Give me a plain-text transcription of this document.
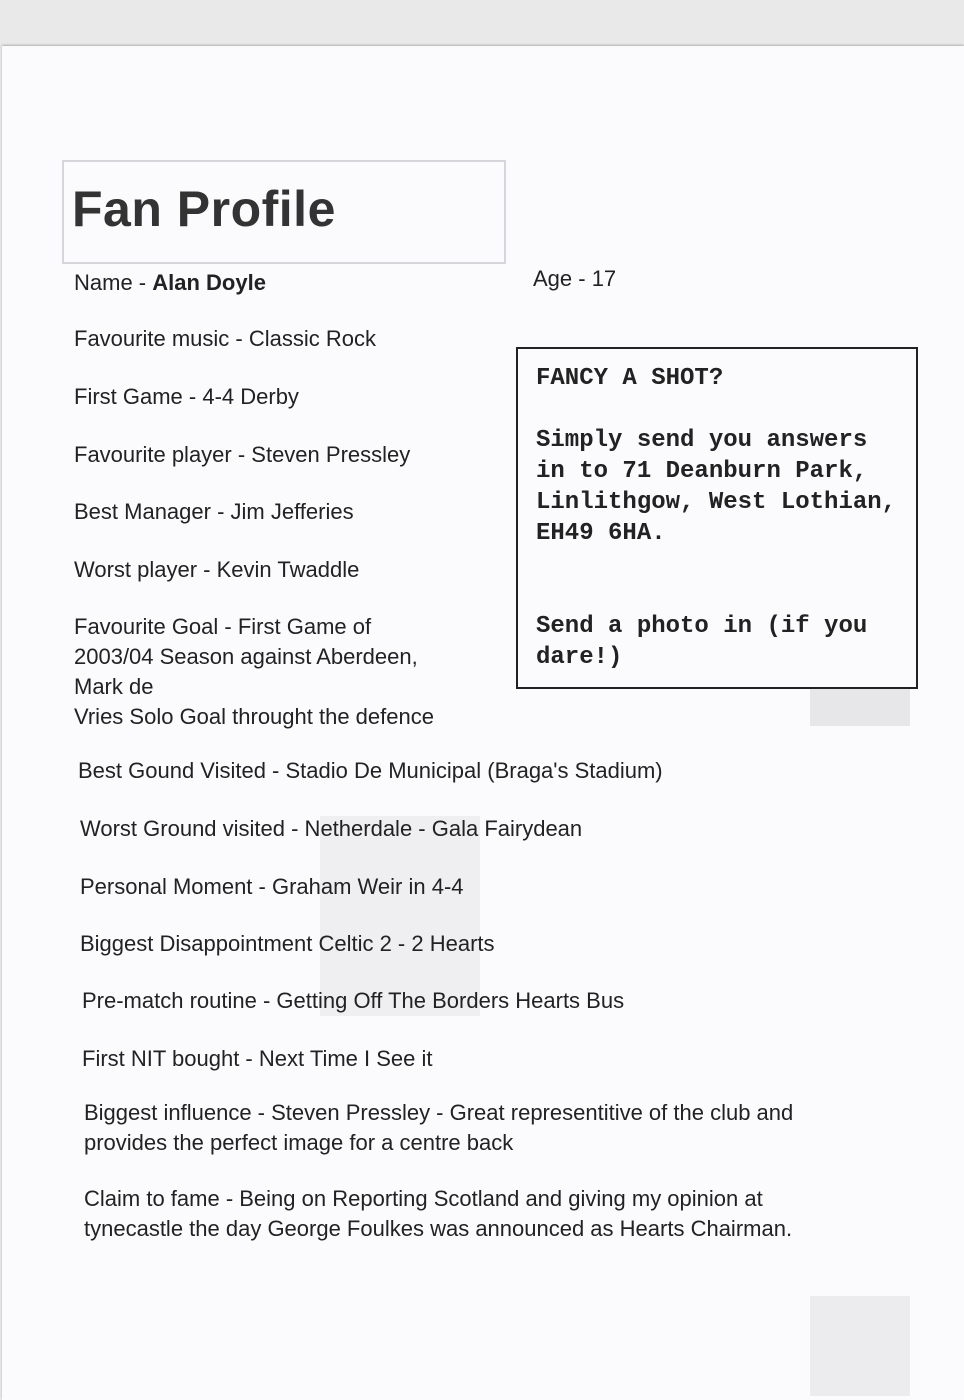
Fan Profile

Name - Alan Doyle	Age - 17

Favourite music - Classic Rock

First Game - 4-4 Derby

Favourite player - Steven Pressley

Best Manager - Jim Jefferies

Worst player - Kevin Twaddle

Favourite Goal - First Game of
2003/04 Season against Aberdeen,
Mark de
Vries Solo Goal throught the defence

Best Gound Visited - Stadio De Municipal (Braga's Stadium)

Worst Ground visited - Netherdale - Gala Fairydean

Personal Moment - Graham Weir in 4-4

Biggest Disappointment Celtic 2 - 2 Hearts

Pre-match routine - Getting Off The Borders Hearts Bus

First NIT bought - Next Time I See it

Biggest influence - Steven Pressley - Great representitive of the club and
provides the perfect image for a centre back

Claim to fame - Being on Reporting Scotland and giving my opinion at
tynecastle the day George Foulkes was announced as Hearts Chairman.

FANCY A SHOT?
Simply send you answers in to 71 Deanburn Park, Linlithgow, West Lothian, EH49 6HA.
Send a photo in (if you dare!)
